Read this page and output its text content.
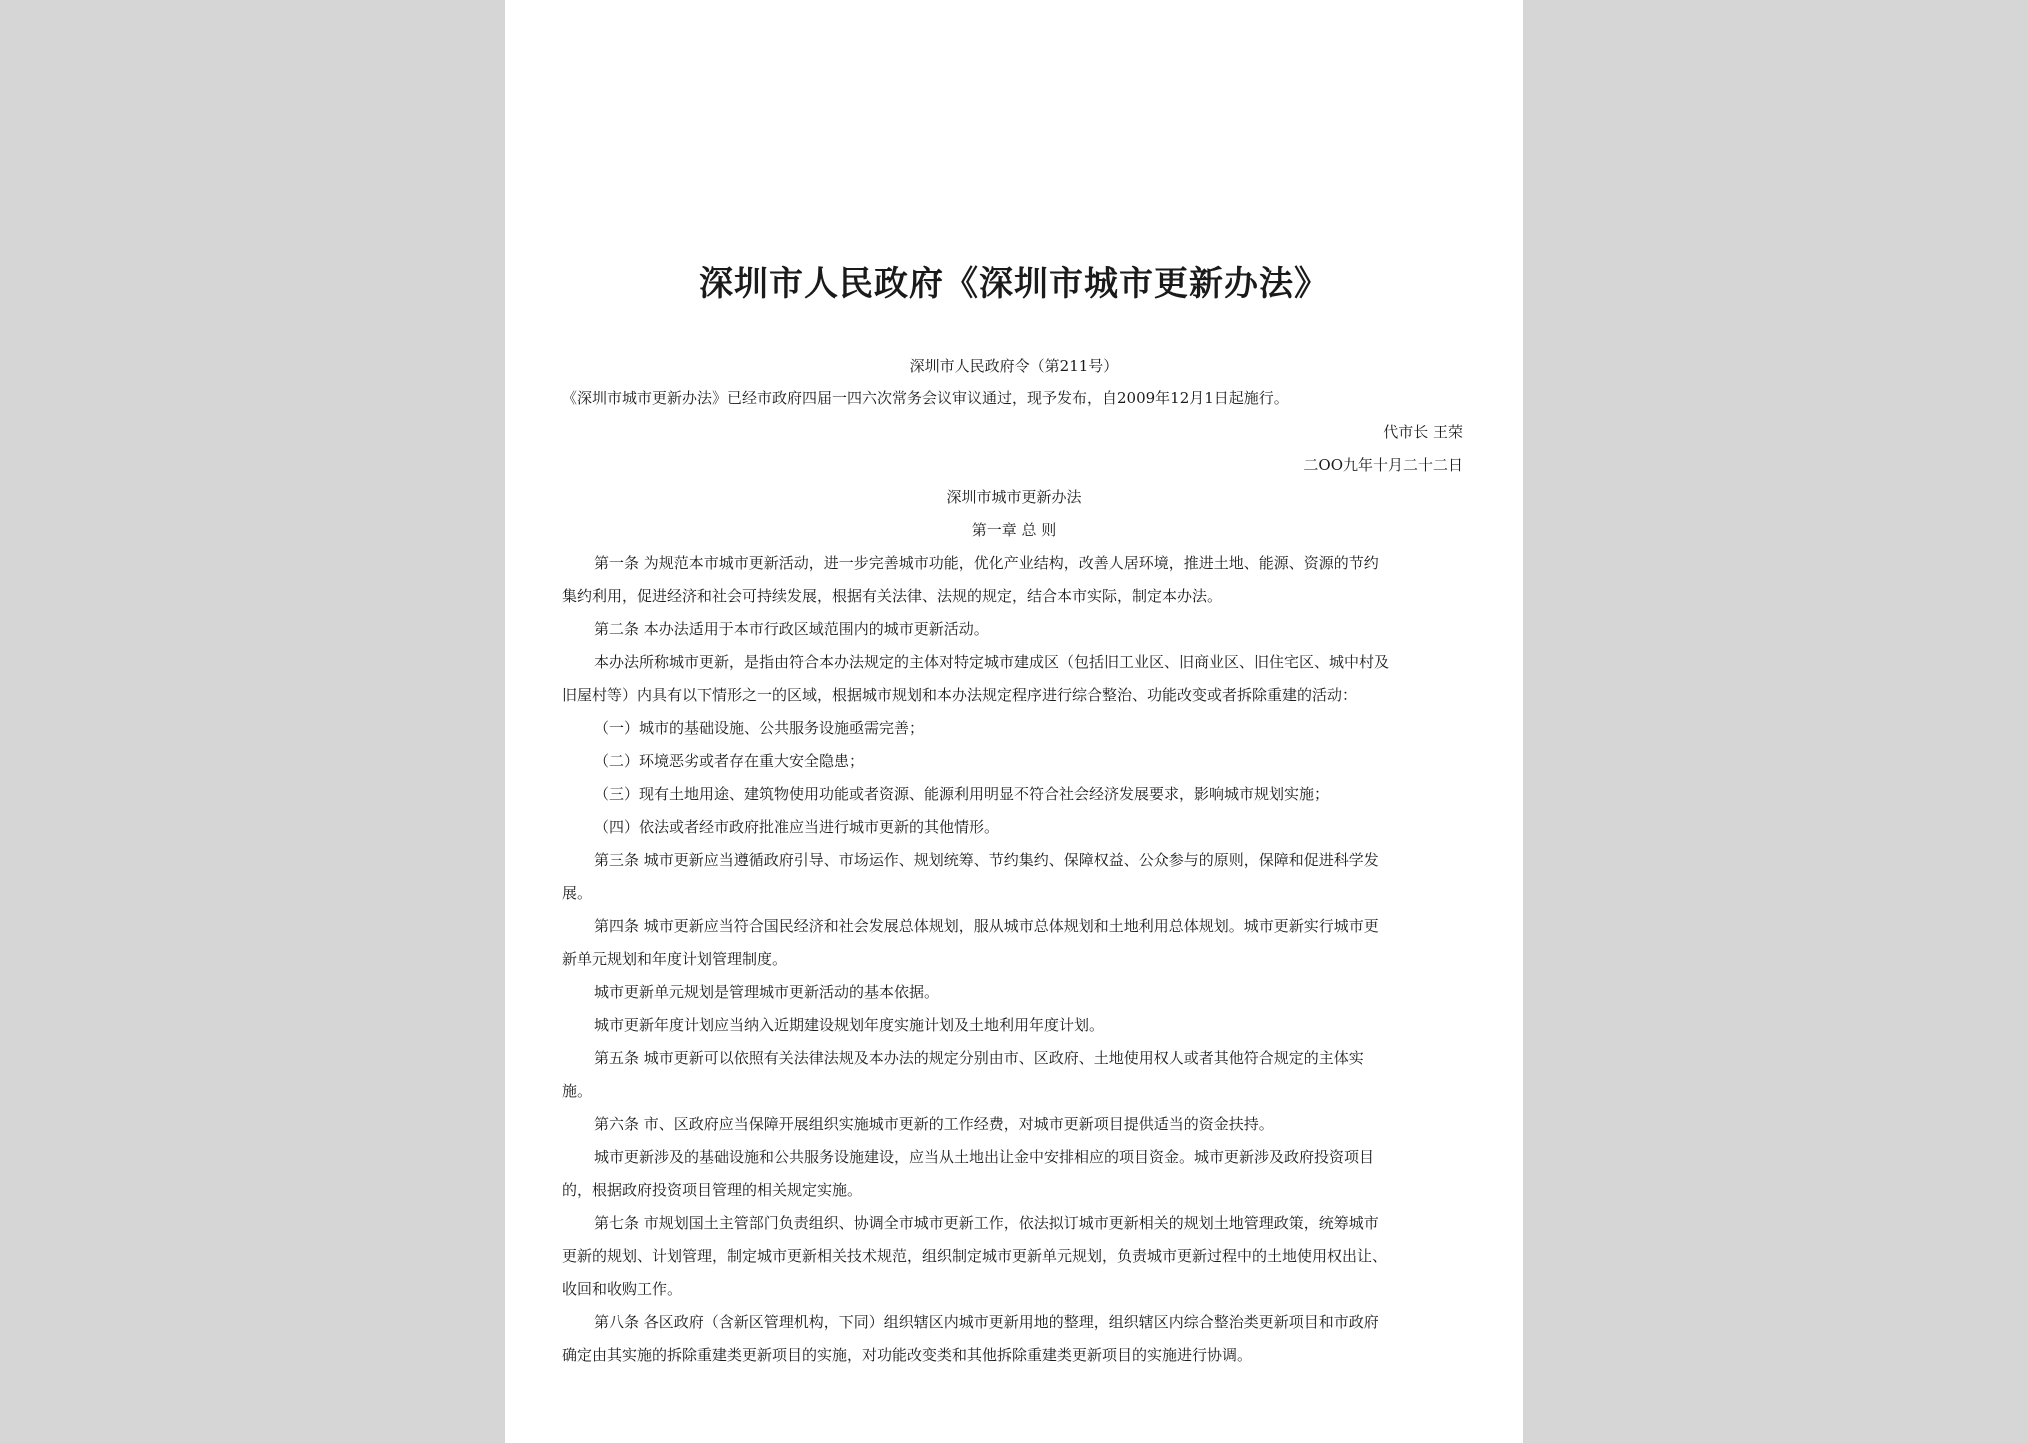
深圳市人民政府《深圳市城市更新办法》

深圳市人民政府令（第211号）

《深圳市城市更新办法》已经市政府四届一四六次常务会议审议通过，现予发布，自2009年12月1日起施行。

代市长 王荣

二OO九年十月二十二日

深圳市城市更新办法

第一章 总 则

第一条 为规范本市城市更新活动，进一步完善城市功能，优化产业结构，改善人居环境，推进土地、能源、资源的节约

集约利用，促进经济和社会可持续发展，根据有关法律、法规的规定，结合本市实际，制定本办法。

第二条 本办法适用于本市行政区域范围内的城市更新活动。

本办法所称城市更新，是指由符合本办法规定的主体对特定城市建成区（包括旧工业区、旧商业区、旧住宅区、城中村及

旧屋村等）内具有以下情形之一的区域，根据城市规划和本办法规定程序进行综合整治、功能改变或者拆除重建的活动：

（一）城市的基础设施、公共服务设施亟需完善；

（二）环境恶劣或者存在重大安全隐患；

（三）现有土地用途、建筑物使用功能或者资源、能源利用明显不符合社会经济发展要求，影响城市规划实施；

（四）依法或者经市政府批准应当进行城市更新的其他情形。

第三条 城市更新应当遵循政府引导、市场运作、规划统筹、节约集约、保障权益、公众参与的原则，保障和促进科学发

展。

第四条 城市更新应当符合国民经济和社会发展总体规划，服从城市总体规划和土地利用总体规划。城市更新实行城市更

新单元规划和年度计划管理制度。

城市更新单元规划是管理城市更新活动的基本依据。

城市更新年度计划应当纳入近期建设规划年度实施计划及土地利用年度计划。

第五条 城市更新可以依照有关法律法规及本办法的规定分别由市、区政府、土地使用权人或者其他符合规定的主体实

施。

第六条 市、区政府应当保障开展组织实施城市更新的工作经费，对城市更新项目提供适当的资金扶持。

城市更新涉及的基础设施和公共服务设施建设，应当从土地出让金中安排相应的项目资金。城市更新涉及政府投资项目

的，根据政府投资项目管理的相关规定实施。

第七条 市规划国土主管部门负责组织、协调全市城市更新工作，依法拟订城市更新相关的规划土地管理政策，统筹城市

更新的规划、计划管理，制定城市更新相关技术规范，组织制定城市更新单元规划，负责城市更新过程中的土地使用权出让、

收回和收购工作。

第八条 各区政府（含新区管理机构，下同）组织辖区内城市更新用地的整理，组织辖区内综合整治类更新项目和市政府

确定由其实施的拆除重建类更新项目的实施，对功能改变类和其他拆除重建类更新项目的实施进行协调。
